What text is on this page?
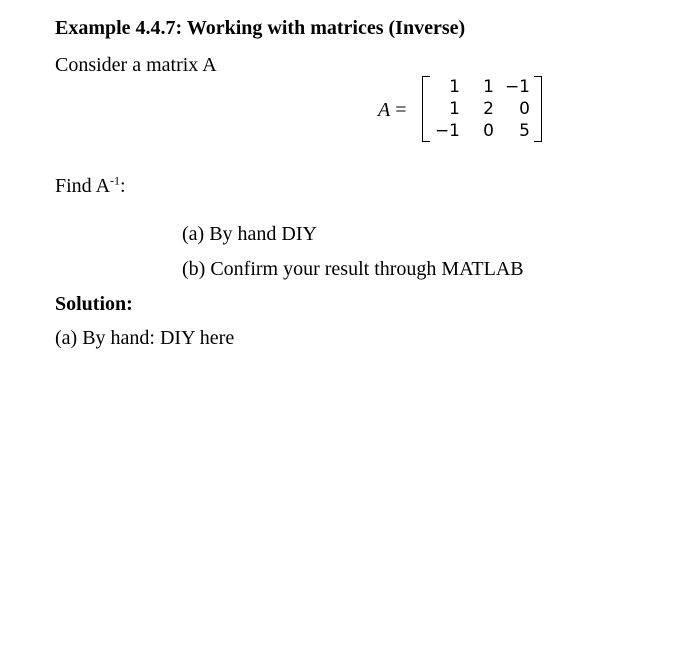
Example 4.4.7: Working with matrices (Inverse)
Consider a matrix A
A =
1	1 −1
1	2	0
−1	0	5
Find $A^{-1}$:
(a) By hand DIY
(b) Confirm your result through MATLAB
Solution:
(a) By hand: DIY here
